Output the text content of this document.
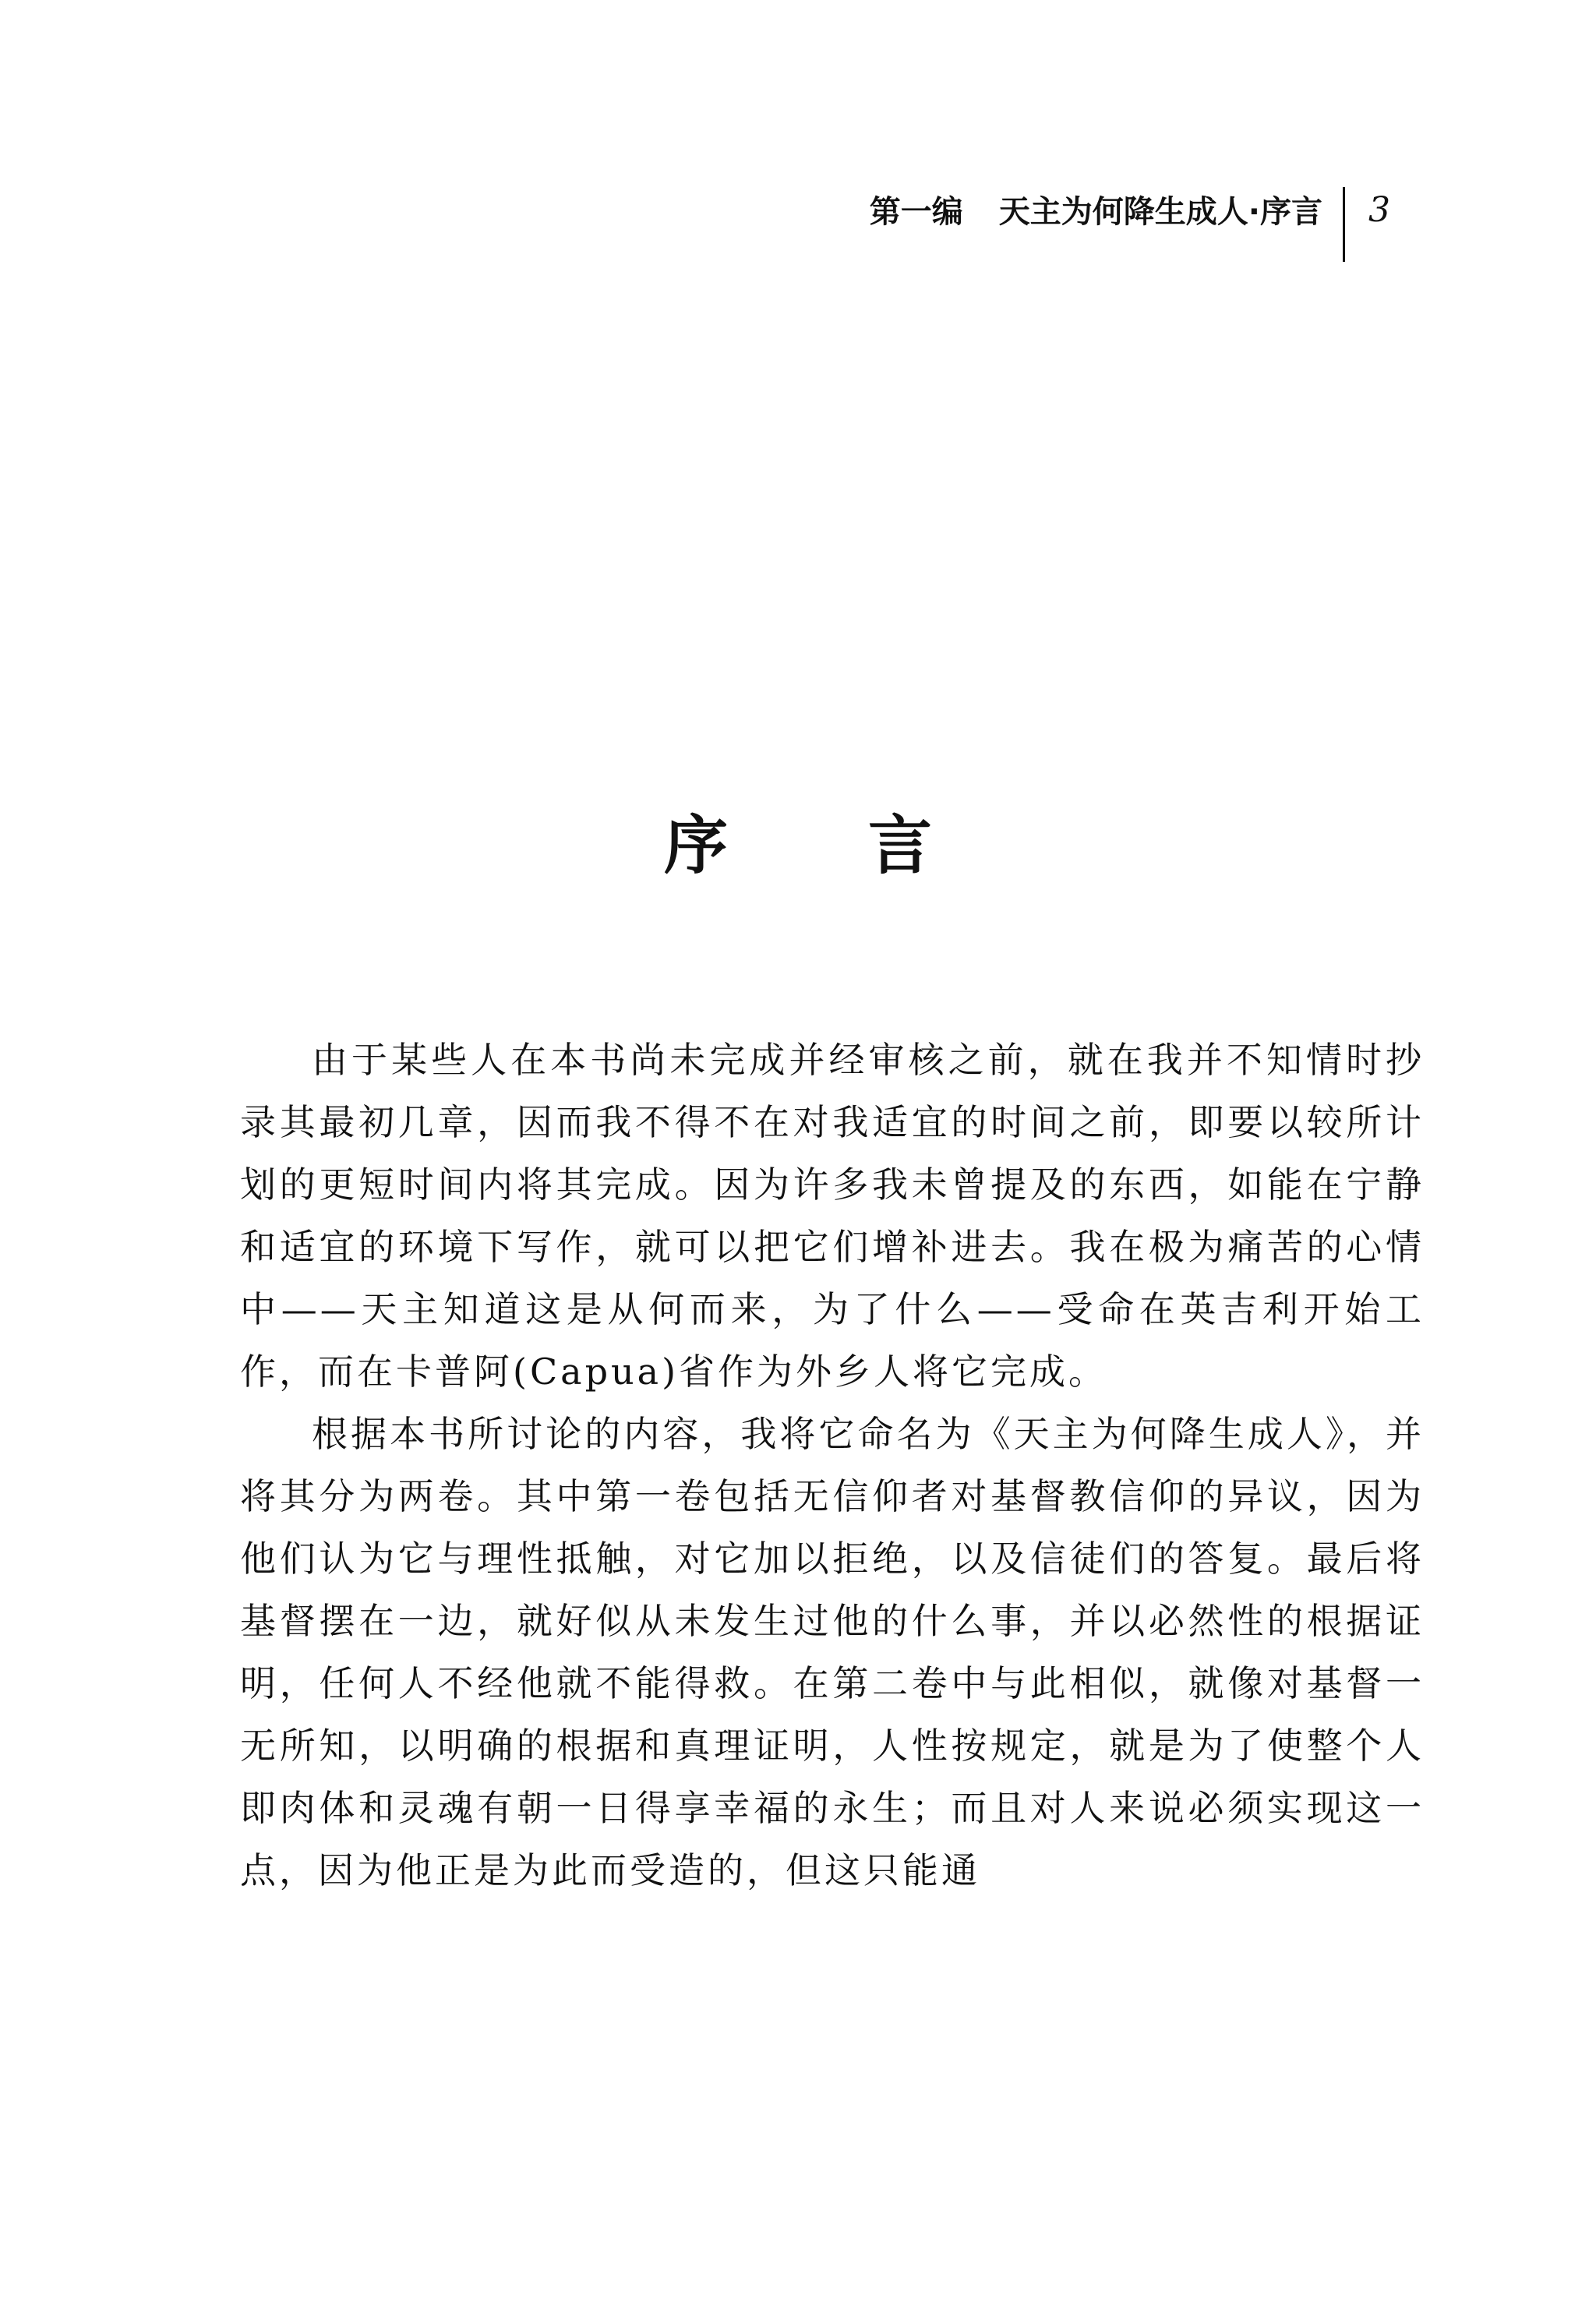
第一编 天主为何降生成人·序言 3
序言

由于某些人在本书尚未完成并经审核之前，就在我并不知情时抄录其最初几章，因而我不得不在对我适宜的时间之前，即要以较所计划的更短时间内将其完成。因为许多我未曾提及的东西，如能在宁静和适宜的环境下写作，就可以把它们增补进去。我在极为痛苦的心情中——天主知道这是从何而来，为了什么——受命在英吉利开始工作，而在卡普阿(Capua)省作为外乡人将它完成。

根据本书所讨论的内容，我将它命名为《天主为何降生成人》，并将其分为两卷。其中第一卷包括无信仰者对基督教信仰的异议，因为他们认为它与理性抵触，对它加以拒绝，以及信徒们的答复。最后将基督摆在一边，就好似从未发生过他的什么事，并以必然性的根据证明，任何人不经他就不能得救。在第二卷中与此相似，就像对基督一无所知，以明确的根据和真理证明，人性按规定，就是为了使整个人即肉体和灵魂有朝一日得享幸福的永生；而且对人来说必须实现这一点，因为他正是为此而受造的，但这只能通
